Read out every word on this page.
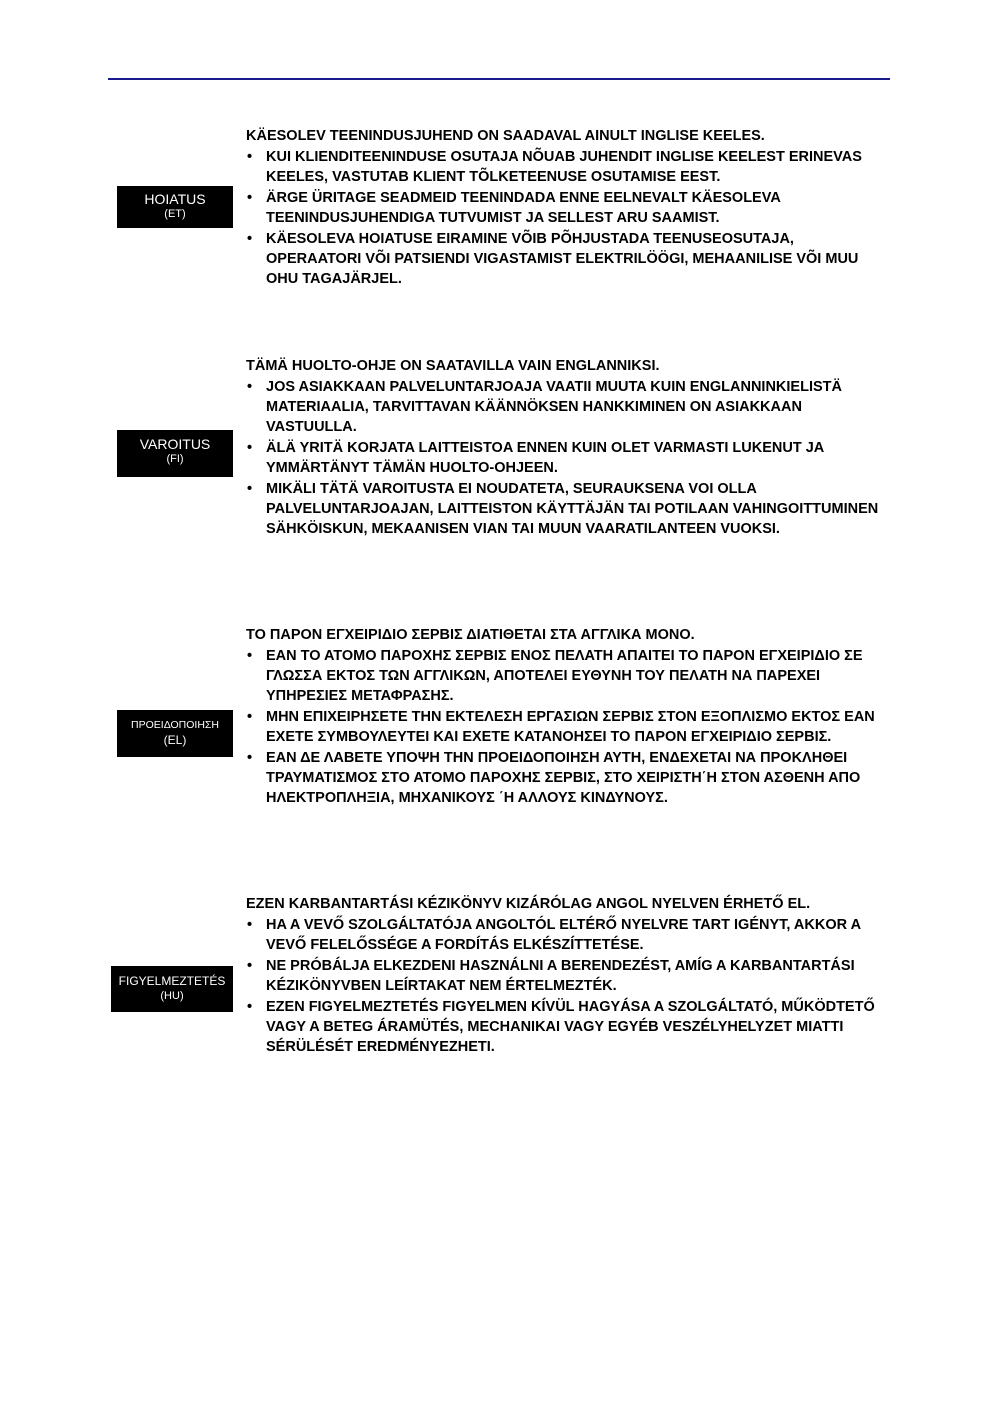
HOIATUS
(ET)

KÄESOLEV TEENINDUSJUHEND ON SAADAVAL AINULT INGLISE KEELES.

• KUI KLIENDITEENINDUSE OSUTAJA NÕUAB JUHENDIT INGLISE KEELEST ERINEVAS KEELES, VASTUTAB KLIENT TÕLKETEENUSE OSUTAMISE EEST.
• ÄRGE ÜRITAGE SEADMEID TEENINDADA ENNE EELNEVALT KÄESOLEVA TEENINDUSJUHENDIGA TUTVUMIST JA SELLEST ARU SAAMIST.
• KÄESOLEVA HOIATUSE EIRAMINE VÕIB PÕHJUSTADA TEENUSEOSUTAJA, OPERAATORI VÕI PATSIENDI VIGASTAMIST ELEKTRILÖÖGI, MEHAANILISE VÕI MUU OHU TAGAJÄRJEL.
VAROITUS
(FI)

TÄMÄ HUOLTO-OHJE ON SAATAVILLA VAIN ENGLANNIKSI.

• JOS ASIAKKAAN PALVELUNTARJOAJA VAATII MUUTA KUIN ENGLANNINKIELISTÄ MATERIAALIA, TARVITTAVAN KÄÄNNÖKSEN HANKKIMINEN ON ASIAKKAAN VASTUULLA.
• ÄLÄ YRITÄ KORJATA LAITTEISTOA ENNEN KUIN OLET VARMASTI LUKENUT JA YMMÄRTÄNYT TÄMÄN HUOLTO-OHJEEN.
• MIKÄLI TÄTÄ VAROITUSTA EI NOUDATETA, SEURAUKSENA VOI OLLA PALVELUNTARJOAJAN, LAITTEISTON KÄYTTÄJÄN TAI POTILAAN VAHINGOITTUMINEN SÄHKÖISKUN, MEKAANISEN VIAN TAI MUUN VAARATILANTEEN VUOKSI.
ΠΡΟΕΙΔΟΠΟΙΗΣΗ
(EL)

ΤΟ ΠΑΡΟΝ ΕΓΧΕΙΡΙΔΙΟ ΣΕΡΒΙΣ ΔΙΑΤΙΘΕΤΑΙ ΣΤΑ ΑΓΓΛΙΚΑ ΜΟΝΟ.

• ΕΑΝ ΤΟ ΑΤΟΜΟ ΠΑΡΟΧΗΣ ΣΕΡΒΙΣ ΕΝΟΣ ΠΕΛΑΤΗ ΑΠΑΙΤΕΙ ΤΟ ΠΑΡΟΝ ΕΓΧΕΙΡΙΔΙΟ ΣΕ ΓΛΩΣΣΑ ΕΚΤΟΣ ΤΩΝ ΑΓΓΛΙΚΩΝ, ΑΠΟΤΕΛΕΙ ΕΥΘΥΝΗ ΤΟΥ ΠΕΛΑΤΗ ΝΑ ΠΑΡΕΧΕΙ ΥΠΗΡΕΣΙΕΣ ΜΕΤΑΦΡΑΣΗΣ.
• ΜΗΝ ΕΠΙΧΕΙΡΗΣΕΤΕ ΤΗΝ ΕΚΤΕΛΕΣΗ ΕΡΓΑΣΙΩΝ ΣΕΡΒΙΣ ΣΤΟΝ ΕΞΟΠΛΙΣΜΟ ΕΚΤΟΣ ΕΑΝ ΕΧΕΤΕ ΣΥΜΒΟΥΛΕΥΤΕΙ ΚΑΙ ΕΧΕΤΕ ΚΑΤΑΝΟΗΣΕΙ ΤΟ ΠΑΡΟΝ ΕΓΧΕΙΡΙΔΙΟ ΣΕΡΒΙΣ.
• ΕΑΝ ΔΕ ΛΑΒΕΤΕ ΥΠΟΨΗ ΤΗΝ ΠΡΟΕΙΔΟΠΟΙΗΣΗ ΑΥΤΗ, ΕΝΔΕΧΕΤΑΙ ΝΑ ΠΡΟΚΛΗΘΕΙ ΤΡΑΥΜΑΤΙΣΜΟΣ ΣΤΟ ΑΤΟΜΟ ΠΑΡΟΧΗΣ ΣΕΡΒΙΣ, ΣΤΟ ΧΕΙΡΙΣΤΗ΄Η ΣΤΟΝ ΑΣΘΕΝΗ ΑΠΟ ΗΛΕΚΤΡΟΠΛΗΞΙΑ, ΜΗΧΑΝΙΚΟΥΣ ΄Η ΑΛΛΟΥΣ ΚΙΝΔΥΝΟΥΣ.
FIGYELMEZTETÉS
(HU)

EZEN KARBANTARTÁSI KÉZIKÖNYV KIZÁRÓLAG ANGOL NYELVEN ÉRHETŐ EL.

• HA A VEVŐ SZOLGÁLTATÓJA ANGOLTÓL ELTÉRŐ NYELVRE TART IGÉNYT, AKKOR A VEVŐ FELELŐSSÉGE A FORDÍTÁS ELKÉSZÍTTETÉSE.
• NE PRÓBÁLJA ELKEZDENI HASZNÁLNI A BERENDEZÉST, AMÍG A KARBANTARTÁSI KÉZIKÖNYVBEN LEÍRTAKAT NEM ÉRTELMEZTÉK.
• EZEN FIGYELMEZTETÉS FIGYELMEN KÍVÜL HAGYÁSA A SZOLGÁLTATÓ, MŰKÖDTETŐ VAGY A BETEG ÁRAMÜTÉS, MECHANIKAI VAGY EGYÉB VESZÉLYHELYZET MIATTI SÉRÜLÉSÉT EREDMÉNYEZHETI.
